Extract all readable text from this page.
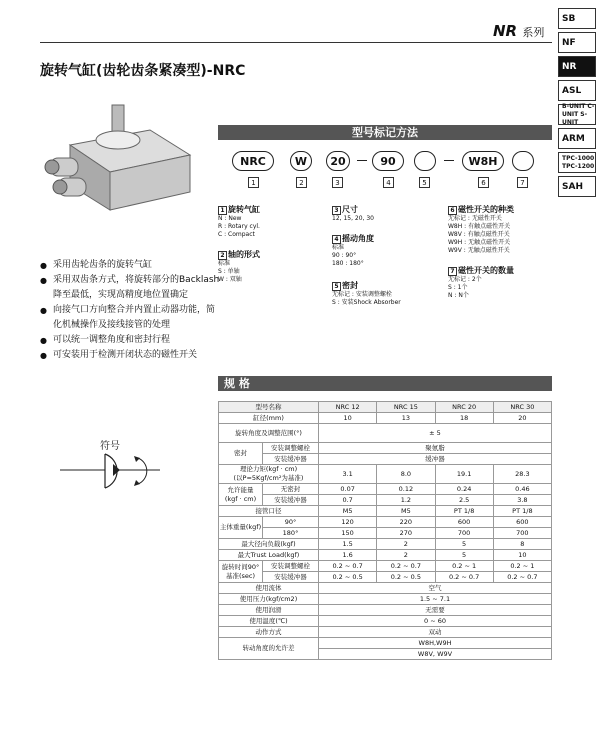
NR 系列
旋转气缸(齿轮齿条紧凑型)-NRC
SB
NF
NR
ASL
B-UNIT C-UNIT S-UNIT
ARM
TPC-1000 TPC-1200
SAH
● 采用齿轮齿条的旋转气缸
● 采用双齿条方式，将旋转部分的Backlash降至最低，实现高精度地位置确定
● 向接气口方向整合并内置止动器功能，简化机械操作及接线接管的处理
● 可以统一调整角度和密封行程
● 可安装用于检测开闭状态的磁性开关
符号
型号标记方法
NRC	W	20	90	W8H
1	2	3	4	5	6	7
1 旋转气缸
N : New
R : Rotary cyl.
C : Compact
2 轴的形式
标准
S : 单轴
W : 双轴
3 尺寸
12, 15, 20, 30
4 摇动角度
标准
90 : 90°
180 : 180°
5 密封
无标记 : 安装调整螺栓
S : 安装Shock Absorber
6 磁性开关的种类
无标记 : 无磁性开关
W8H : 有触点磁性开关
W8V : 有触点磁性开关
W9H : 无触点磁性开关
W9V : 无触点磁性开关
7 磁性开关的数量
无标记 : 2个
S : 1个
N : N个
规 格
型号名称		NRC 12	NRC 15	NRC 20	NRC 30
缸径(mm)		10	13	18	20
旋转角度及调整范围(°)		± 5			
密封	安装调整螺栓	聚氨脂			
	安装缓冲器	缓冲器			
理论力矩(kgf · cm)
(以P=5Kgf/cm²为基准)		3.1	8.0	19.1	28.3
允许能量
(kgf · cm)	无密封	0.07	0.12	0.24	0.46
	安装缓冲器	0.7	1.2	2.5	3.8
接管口径		M5	M5	PT 1/8	PT 1/8
主体重量(kgf)	90°	120	220	600	600
	180°	150	270	700	700
最大径向负载(kgf)		1.5	2	5	8
最大Trust Load(kgf)		1.6	2	5	10
旋转时间90°
基准(sec)	安装调整螺栓	0.2 ~ 0.7	0.2 ~ 0.7	0.2 ~ 1	0.2 ~ 1
	安装缓冲器	0.2 ~ 0.5	0.2 ~ 0.5	0.2 ~ 0.7	0.2 ~ 0.7
使用流体		空气			
使用压力(kgf/cm2)		1.5 ~ 7.1			
使用润滑		无需要			
使用温度(℃)		0 ~ 60			
动作方式		双动			
转动角度的允许差		W8H,W9H			
		W8V, W9V			
